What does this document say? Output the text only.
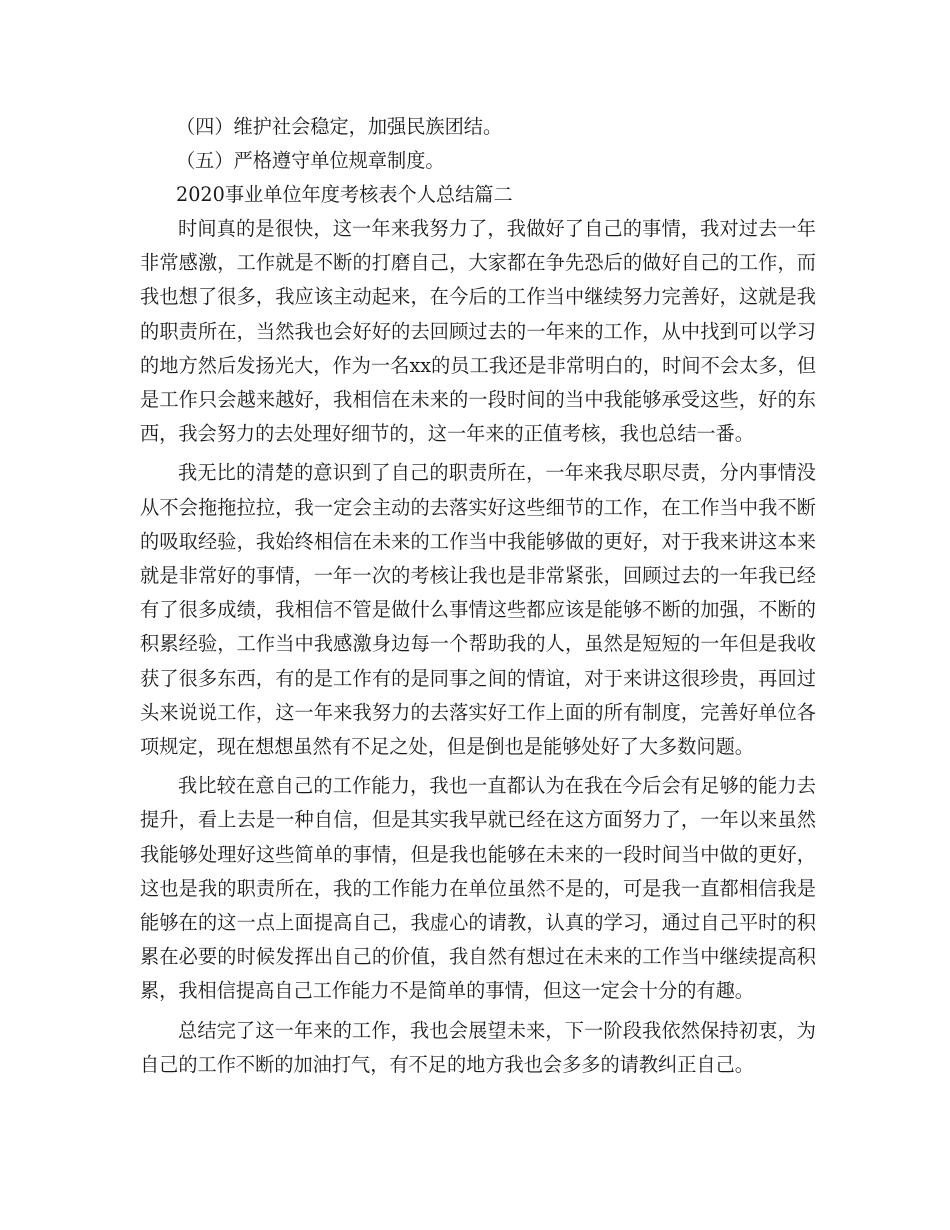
（四）维护社会稳定，加强民族团结。

（五）严格遵守单位规章制度。

2020事业单位年度考核表个人总结篇二

时间真的是很快，这一年来我努力了，我做好了自己的事情，我对过去一年非常感激，工作就是不断的打磨自己，大家都在争先恐后的做好自己的工作，而我也想了很多，我应该主动起来，在今后的工作当中继续努力完善好，这就是我的职责所在，当然我也会好好的去回顾过去的一年来的工作，从中找到可以学习的地方然后发扬光大，作为一名xx的员工我还是非常明白的，时间不会太多，但是工作只会越来越好，我相信在未来的一段时间的当中我能够承受这些，好的东西，我会努力的去处理好细节的，这一年来的正值考核，我也总结一番。

我无比的清楚的意识到了自己的职责所在，一年来我尽职尽责，分内事情没从不会拖拖拉拉，我一定会主动的去落实好这些细节的工作，在工作当中我不断的吸取经验，我始终相信在未来的工作当中我能够做的更好，对于我来讲这本来就是非常好的事情，一年一次的考核让我也是非常紧张，回顾过去的一年我已经有了很多成绩，我相信不管是做什么事情这些都应该是能够不断的加强，不断的积累经验，工作当中我感激身边每一个帮助我的人，虽然是短短的一年但是我收获了很多东西，有的是工作有的是同事之间的情谊，对于来讲这很珍贵，再回过头来说说工作，这一年来我努力的去落实好工作上面的所有制度，完善好单位各项规定，现在想想虽然有不足之处，但是倒也是能够处好了大多数问题。

我比较在意自己的工作能力，我也一直都认为在我在今后会有足够的能力去提升，看上去是一种自信，但是其实我早就已经在这方面努力了，一年以来虽然我能够处理好这些简单的事情，但是我也能够在未来的一段时间当中做的更好，这也是我的职责所在，我的工作能力在单位虽然不是的，可是我一直都相信我是能够在的这一点上面提高自己，我虚心的请教，认真的学习，通过自己平时的积累在必要的时候发挥出自己的价值，我自然有想过在未来的工作当中继续提高积累，我相信提高自己工作能力不是简单的事情，但这一定会十分的有趣。

总结完了这一年来的工作，我也会展望未来，下一阶段我依然保持初衷，为自己的工作不断的加油打气，有不足的地方我也会多多的请教纠正自己。
